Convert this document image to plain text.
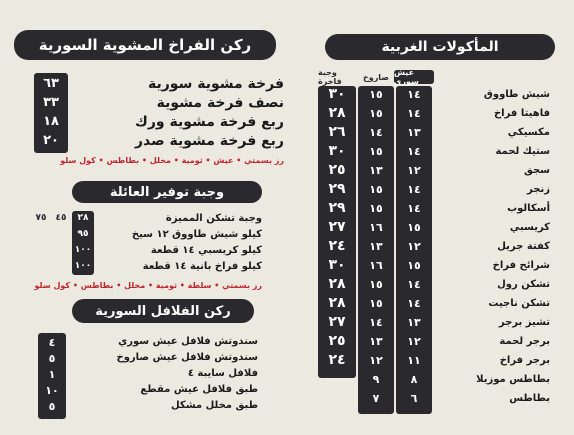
المأكولات الغربية
عيش سوري
صاروخ
وجبة فاخرة
شيش طاووق
١٤
١٥
٣٠
فاهيتا فراخ
١٤
١٥
٢٨
مكسيكي
١٣
١٤
٢٦
ستيك لحمة
١٤
١٥
٣٠
سجق
١٢
١٣
٢٥
زنجر
١٤
١٥
٢٩
أسكالوب
١٤
١٥
٢٩
كريسبي
١٥
١٦
٢٧
كفتة جريل
١٢
١٣
٢٤
شرائح فراخ
١٥
١٦
٣٠
تشكن رول
١٤
١٥
٢٨
تشكن ناجيت
١٤
١٥
٢٨
تشيز برجر
١٣
١٤
٢٧
برجر لحمة
١٢
١٣
٢٥
برجر فراخ
١١
١٢
٢٤
بطاطس موزيلا
٨
٩
بطاطس
٦
٧
ركن الفراخ المشوية السورية
فرخة مشوية سورية
٦٣
نصف فرخة مشوية
٣٣
ربع فرخة مشوية ورك
١٨
ربع فرخة مشوية صدر
٢٠
رز بسمتي • عيش • ثومية • مخلل • بطاطس • كول سلو
وجبة توفير العائلة
٤٥
٧٥	وجبة تشكن المميزة
٢٨
كيلو شيش طاووق ١٢ سيخ
٩٥
كيلو كريسبي ١٤ قطعة
١٠٠
كيلو فراخ بانية ١٤ قطعة
١٠٠
رز بسمتي • سلطة • ثومية • مخلل • بطاطس • كول سلو
ركن الفلافل السورية
سندوتش فلافل عيش سوري
٤
سندوتش فلافل عيش صاروخ
٥
فلافل سايبة ٤
١
طبق فلافل عيش مقطع
١٠
طبق مخلل مشكل
٥
